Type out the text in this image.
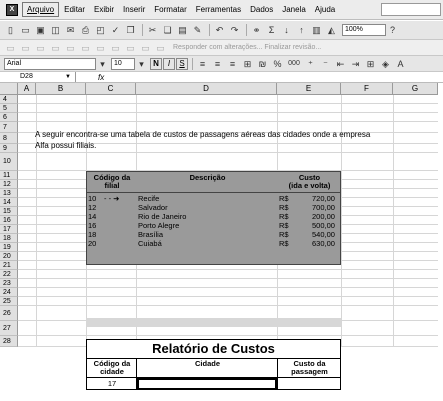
X	Arquivo	Editar	Exibir	Inserir	Formatar	Ferramentas	Dados	Janela	Ajuda
▯ ▭ ▣ ◫ ✉ ⎙ ◰ ✓ ❐	✂ ❏ ▤ ✎	↶ ↷	⚭ Σ	↓	↑ ▥ ◭	100%	?
▭ ▭ ▭ ▭ ▭ ▭ ▭ ▭ ▭ ▭ ▭	Responder com alterações... Finalizar revisão...
Arial	▾	10	▾	N	I	S	≡	≡	≡ ⊞ ₪ % 000 ⁺	⁻ ⇤ ⇥ ⊞ ◈ A
D28	▼	fx
A	B	C	D	E	F	G
4
5
6
7
8
9
10
11
12
13
14
15
16
17
18
19
20
21
22
23
24
25
26
27
28
A seguir encontra-se uma tabela de custos de passagens aéreas das cidades onde a empresa
Alfa possui filiais.
Código da
filial
Descrição	Custo
(ida e volta)
10 - - ➜ Recife	R$	720,00
12	Salvador	R$	700,00
14	Rio de Janeiro	R$	200,00
16	Porto Alegre	R$	500,00
18	Brasília	R$	540,00
20	Cuiabá	R$	630,00
Relatório de Custos
Código da
cidade
Cidade	Custo da
passagem
17
